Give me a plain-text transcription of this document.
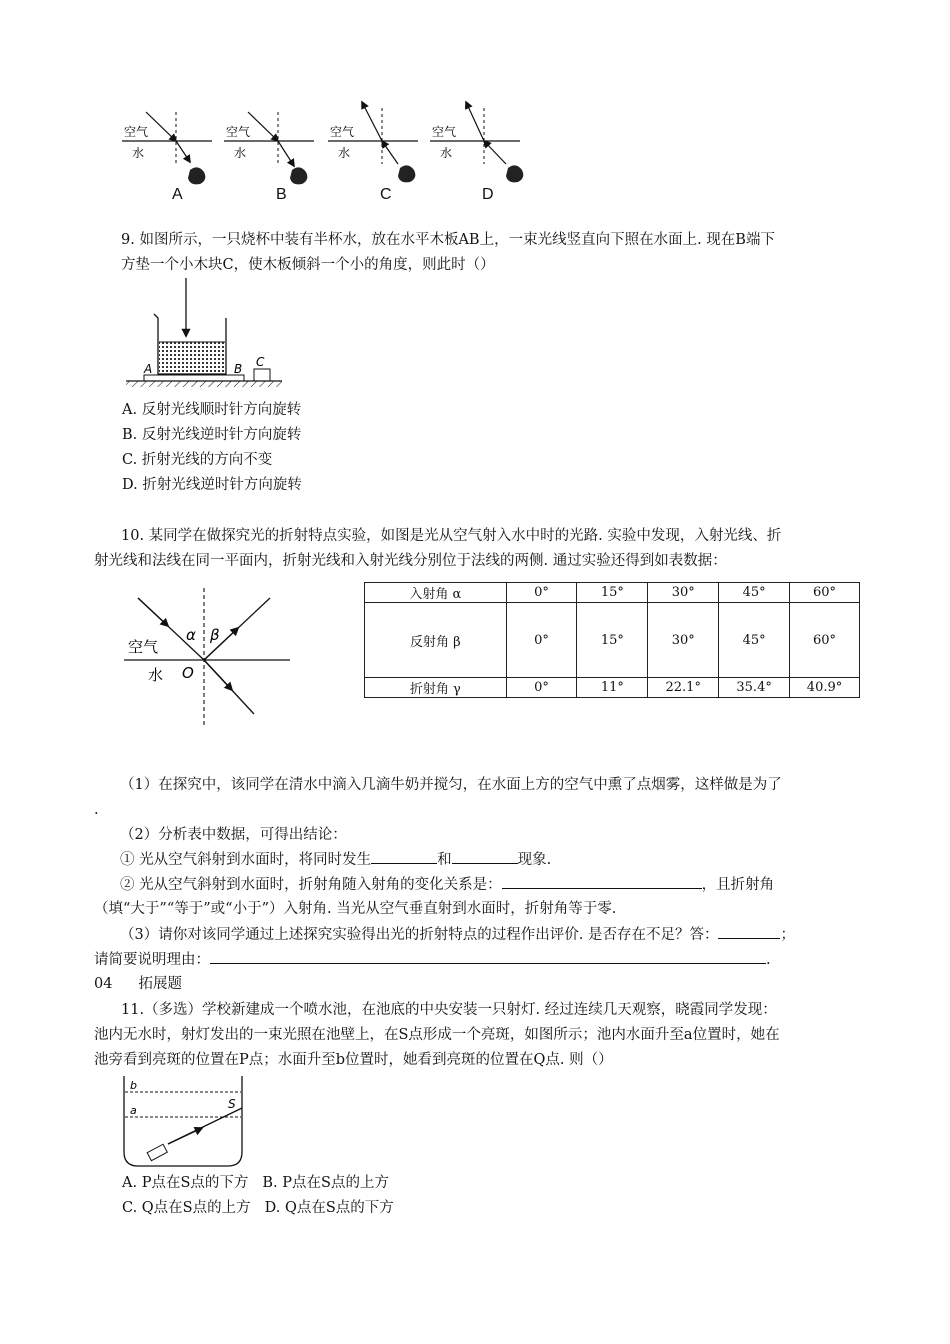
空气
水
空气
水
空气
水
空气
水
A	B	C	D
9. 如图所示，一只烧杯中装有半杯水，放在水平木板AB上，一束光线竖直向下照在水面上. 现在B端下
方垫一个小木块C，使木板倾斜一个小的角度，则此时（）
A	B C
A. 反射光线顺时针方向旋转
B. 反射光线逆时针方向旋转
C. 折射光线的方向不变
D. 折射光线逆时针方向旋转
10. 某同学在做探究光的折射特点实验，如图是光从空气射入水中时的光路. 实验中发现，入射光线、折
射光线和法线在同一平面内，折射光线和入射光线分别位于法线的两侧. 通过实验还得到如表数据：
空气
水
α β
O
入射角 α	0°	15°	30°	45°	60°
反射角 β	0°	15°	30°	45°	60°
折射角 γ	0°	11°	22.1°	35.4°	40.9°
（1）在探究中，该同学在清水中滴入几滴牛奶并搅匀，在水面上方的空气中熏了点烟雾，这样做是为了
.
（2）分析表中数据，可得出结论：
① 光从空气斜射到水面时，将同时发生	和	现象.
② 光从空气斜射到水面时，折射角随入射角的变化关系是：	，且折射角
（填“大于”“等于”或“小于”）入射角. 当光从空气垂直射到水面时，折射角等于零.
（3）请你对该同学通过上述探究实验得出光的折射特点的过程作出评价. 是否存在不足？答：	；
请简要说明理由：	.
04 拓展题
11.（多选）学校新建成一个喷水池，在池底的中央安装一只射灯. 经过连续几天观察，晓霞同学发现：
池内无水时，射灯发出的一束光照在池壁上，在S点形成一个亮斑，如图所示；池内水面升至a位置时，她在
池旁看到亮斑的位置在P点；水面升至b位置时，她看到亮斑的位置在Q点. 则（）
b
a	S
A. P点在S点的下方 B. P点在S点的上方
C. Q点在S点的上方 D. Q点在S点的下方
